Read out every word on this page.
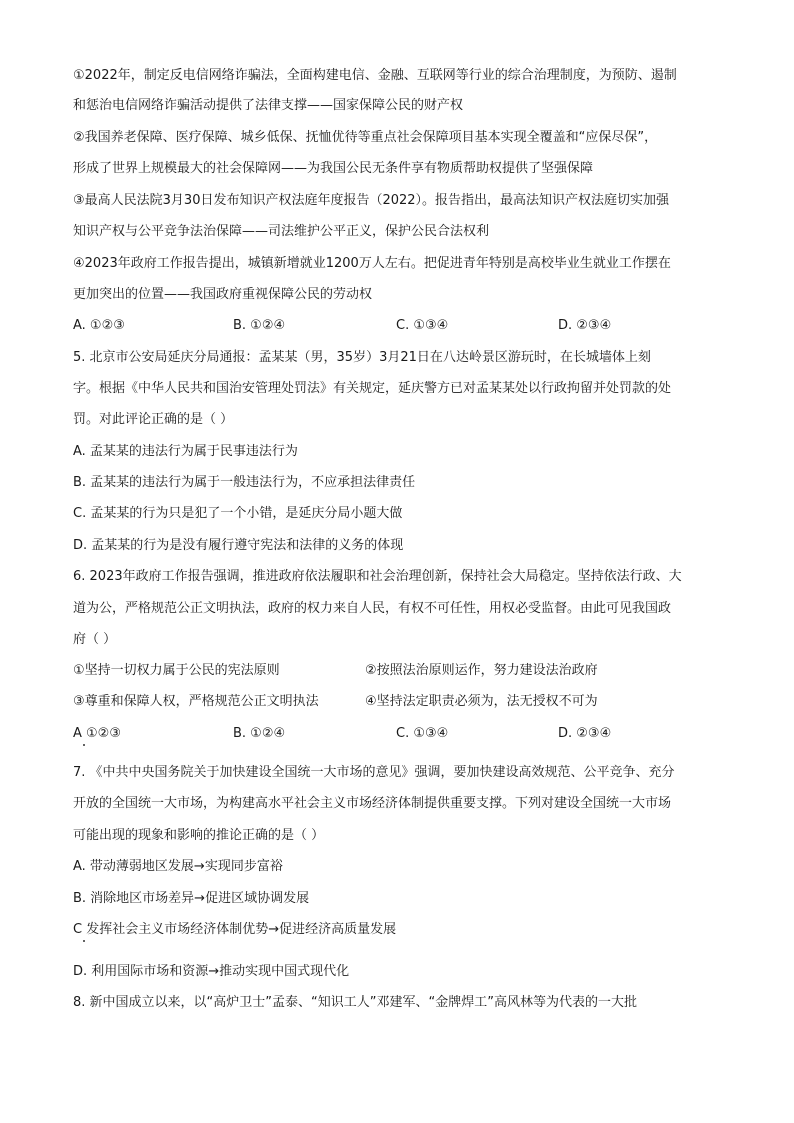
①2022年，制定反电信网络诈骗法，全面构建电信、金融、互联网等行业的综合治理制度，为预防、遏制
和惩治电信网络诈骗活动提供了法律支撑——国家保障公民的财产权
②我国养老保障、医疗保障、城乡低保、抚恤优待等重点社会保障项目基本实现全覆盖和“应保尽保”，
形成了世界上规模最大的社会保障网——为我国公民无条件享有物质帮助权提供了坚强保障
③最高人民法院3月30日发布知识产权法庭年度报告（2022）。报告指出，最高法知识产权法庭切实加强
知识产权与公平竞争法治保障——司法维护公平正义，保护公民合法权利
④2023年政府工作报告提出，城镇新增就业1200万人左右。把促进青年特别是高校毕业生就业工作摆在
更加突出的位置——我国政府重视保障公民的劳动权
A. ①②③	B. ①②④	C. ①③④	D. ②③④
5. 北京市公安局延庆分局通报：孟某某（男，35岁）3月21日在八达岭景区游玩时，在长城墙体上刻
字。根据《中华人民共和国治安管理处罚法》有关规定，延庆警方已对孟某某处以行政拘留并处罚款的处
罚。对此评论正确的是（ ）
A. 孟某某的违法行为属于民事违法行为
B. 孟某某的违法行为属于一般违法行为，不应承担法律责任
C. 孟某某的行为只是犯了一个小错，是延庆分局小题大做
D. 孟某某的行为是没有履行遵守宪法和法律的义务的体现
6. 2023年政府工作报告强调，推进政府依法履职和社会治理创新，保持社会大局稳定。坚持依法行政、大
道为公，严格规范公正文明执法，政府的权力来自人民，有权不可任性，用权必受监督。由此可见我国政
府（ ）
①坚持一切权力属于公民的宪法原则	②按照法治原则运作，努力建设法治政府
③尊重和保障人权，严格规范公正文明执法	④坚持法定职责必须为，法无授权不可为
A ①②③	B. ①②④	C. ①③④	D. ②③④
7. 《中共中央国务院关于加快建设全国统一大市场的意见》强调，要加快建设高效规范、公平竞争、充分
开放的全国统一大市场，为构建高水平社会主义市场经济体制提供重要支撑。下列对建设全国统一大市场
可能出现的现象和影响的推论正确的是（ ）
A. 带动薄弱地区发展→实现同步富裕
B. 消除地区市场差异→促进区域协调发展
C 发挥社会主义市场经济体制优势→促进经济高质量发展
D. 利用国际市场和资源→推动实现中国式现代化
8. 新中国成立以来，以“高炉卫士”孟泰、“知识工人”邓建军、“金牌焊工”高风林等为代表的一大批
